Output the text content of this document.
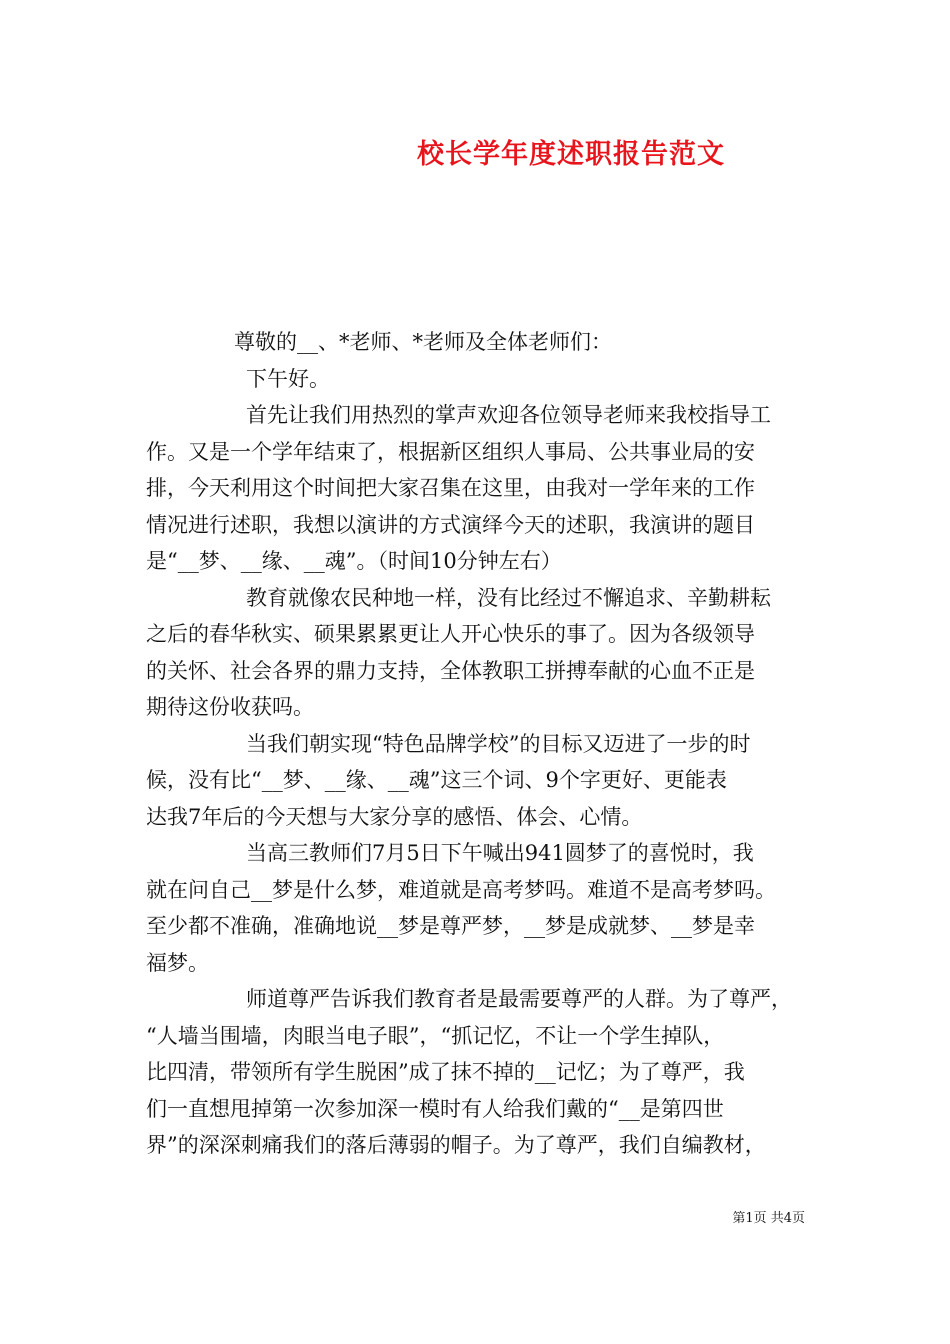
校长学年度述职报告范文

尊敬的__、*老师、*老师及全体老师们：

下午好。

首先让我们用热烈的掌声欢迎各位领导老师来我校指导工
作。又是一个学年结束了，根据新区组织人事局、公共事业局的安
排，今天利用这个时间把大家召集在这里，由我对一学年来的工作
情况进行述职，我想以演讲的方式演绎今天的述职，我演讲的题目
是“__梦、__缘、__魂”。（时间10分钟左右）

教育就像农民种地一样，没有比经过不懈追求、辛勤耕耘
之后的春华秋实、硕果累累更让人开心快乐的事了。因为各级领导
的关怀、社会各界的鼎力支持，全体教职工拼搏奉献的心血不正是
期待这份收获吗。

当我们朝实现“特色品牌学校”的目标又迈进了一步的时
候，没有比“__梦、__缘、__魂”这三个词、9个字更好、更能表
达我7年后的今天想与大家分享的感悟、体会、心情。

当高三教师们7月5日下午喊出941圆梦了的喜悦时，我
就在问自己__梦是什么梦，难道就是高考梦吗。难道不是高考梦吗。
至少都不准确，准确地说__梦是尊严梦，__梦是成就梦、__梦是幸
福梦。

师道尊严告诉我们教育者是最需要尊严的人群。为了尊严，
“人墙当围墙，肉眼当电子眼”，“抓记忆，不让一个学生掉队，
比四清，带领所有学生脱困”成了抹不掉的__记忆；为了尊严，我
们一直想甩掉第一次参加深一模时有人给我们戴的“__是第四世
界”的深深刺痛我们的落后薄弱的帽子。为了尊严，我们自编教材，

第1页 共4页
